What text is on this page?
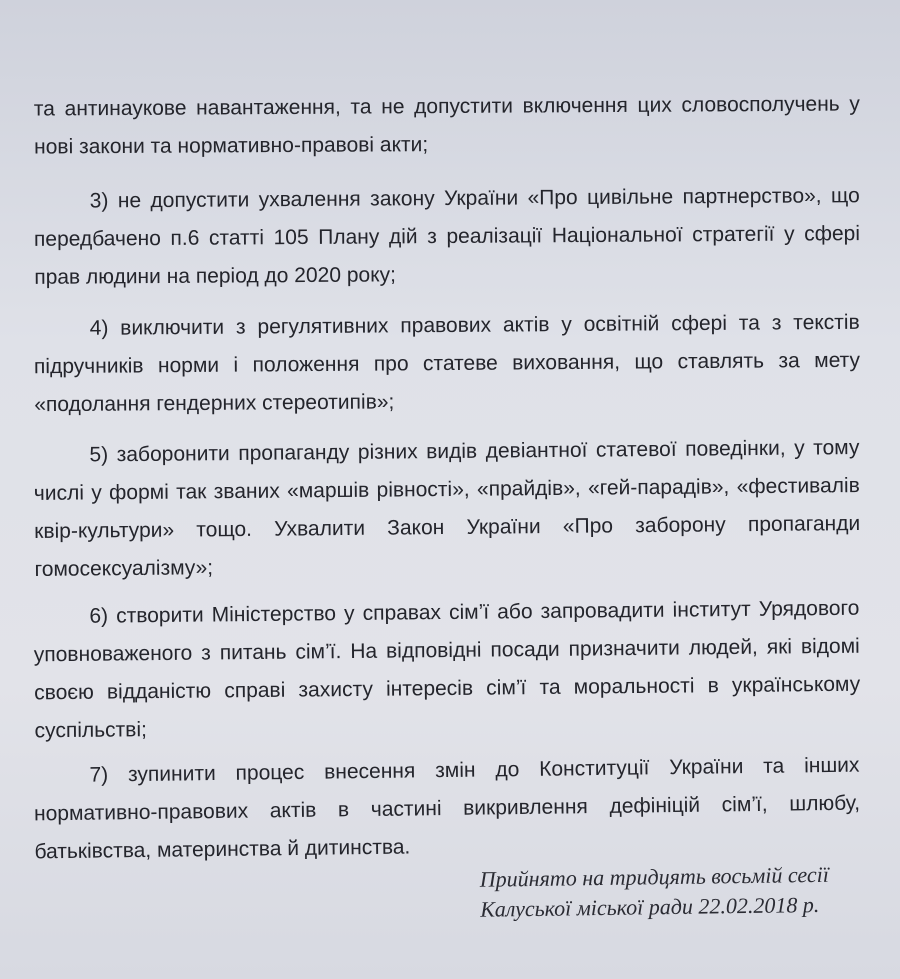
та антинаукове навантаження, та не допустити включення цих словосполучень у нові закони та нормативно-правові акти;

3) не допустити ухвалення закону України «Про цивільне партнерство», що передбачено п.6 статті 105 Плану дій з реалізації Національної стратегії у сфері прав людини на період до 2020 року;

4) виключити з регулятивних правових актів у освітній сфері та з текстів підручників норми і положення про статеве виховання, що ставлять за мету «подолання гендерних стереотипів»;

5) заборонити пропаганду різних видів девіантної статевої поведінки, у тому числі у формі так званих «маршів рівності», «прайдів», «гей-парадів», «фестивалів квір-культури» тощо. Ухвалити Закон України «Про заборону пропаганди гомосексуалізму»;

6) створити Міністерство у справах сім’ї або запровадити інститут Урядового уповноваженого з питань сім’ї. На відповідні посади призначити людей, які відомі своєю відданістю справі захисту інтересів сім’ї та моральності в українському суспільстві;

7) зупинити процес внесення змін до Конституції України та інших нормативно-правових актів в частині викривлення дефініцій сім’ї, шлюбу, батьківства, материнства й дитинства.

Прийнято на тридцять восьмій сесії

Калуської міської ради 22.02.2018 р.
